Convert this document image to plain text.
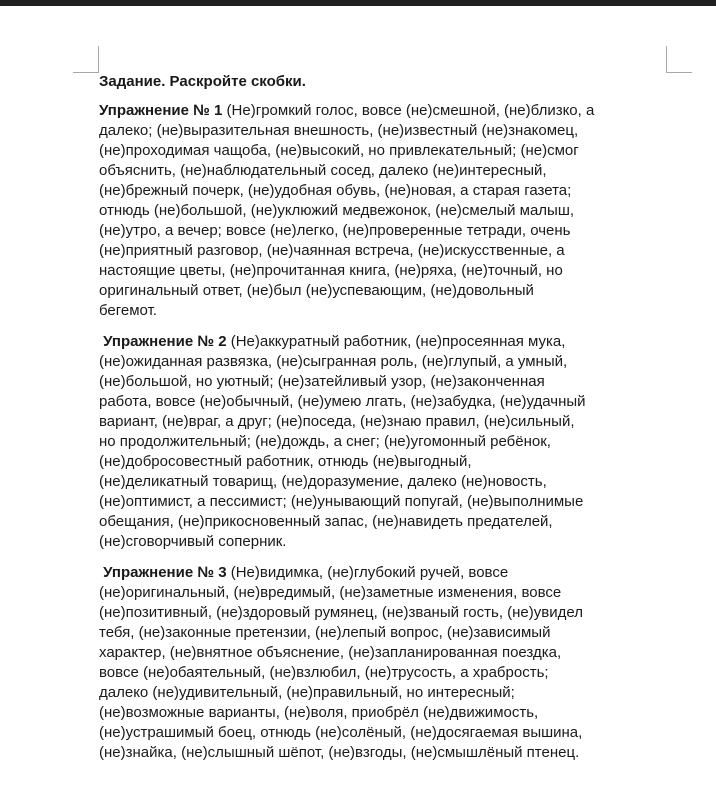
Задание. Раскройте скобки.
Упражнение № 1 (Не)громкий голос, вовсе (не)смешной, (не)близко, а
далеко; (не)выразительная внешность, (не)известный (не)знакомец,
(не)проходимая чащоба, (не)высокий, но привлекательный; (не)смог
объяснить, (не)наблюдательный сосед, далеко (не)интересный,
(не)брежный почерк, (не)удобная обувь, (не)новая, а старая газета;
отнюдь (не)большой, (не)уклюжий медвежонок, (не)смелый малыш,
(не)утро, а вечер; вовсе (не)легко, (не)проверенные тетради, очень
(не)приятный разговор, (не)чаянная встреча, (не)искусственные, а
настоящие цветы, (не)прочитанная книга, (не)ряха, (не)точный, но
оригинальный ответ, (не)был (не)успевающим, (не)довольный
бегемот.
Упражнение № 2 (Не)аккуратный работник, (не)просеянная мука,
(не)ожиданная развязка, (не)сыгранная роль, (не)глупый, а умный,
(не)большой, но уютный; (не)затейливый узор, (не)законченная
работа, вовсе (не)обычный, (не)умею лгать, (не)забудка, (не)удачный
вариант, (не)враг, а друг; (не)поседа, (не)знаю правил, (не)сильный,
но продолжительный; (не)дождь, а снег; (не)угомонный ребёнок,
(не)добросовестный работник, отнюдь (не)выгодный,
(не)деликатный товарищ, (не)доразумение, далеко (не)новость,
(не)оптимист, а пессимист; (не)унывающий попугай, (не)выполнимые
обещания, (не)прикосновенный запас, (не)навидеть предателей,
(не)сговорчивый соперник.
Упражнение № 3 (Не)видимка, (не)глубокий ручей, вовсе
(не)оригинальный, (не)вредимый, (не)заметные изменения, вовсе
(не)позитивный, (не)здоровый румянец, (не)званый гость, (не)увидел
тебя, (не)законные претензии, (не)лепый вопрос, (не)зависимый
характер, (не)внятное объяснение, (не)запланированная поездка,
вовсе (не)обаятельный, (не)взлюбил, (не)трусость, а храбрость;
далеко (не)удивительный, (не)правильный, но интересный;
(не)возможные варианты, (не)воля, приобрёл (не)движимость,
(не)устрашимый боец, отнюдь (не)солёный, (не)досягаемая вышина,
(не)знайка, (не)слышный шёпот, (не)взгоды, (не)смышлёный птенец.
